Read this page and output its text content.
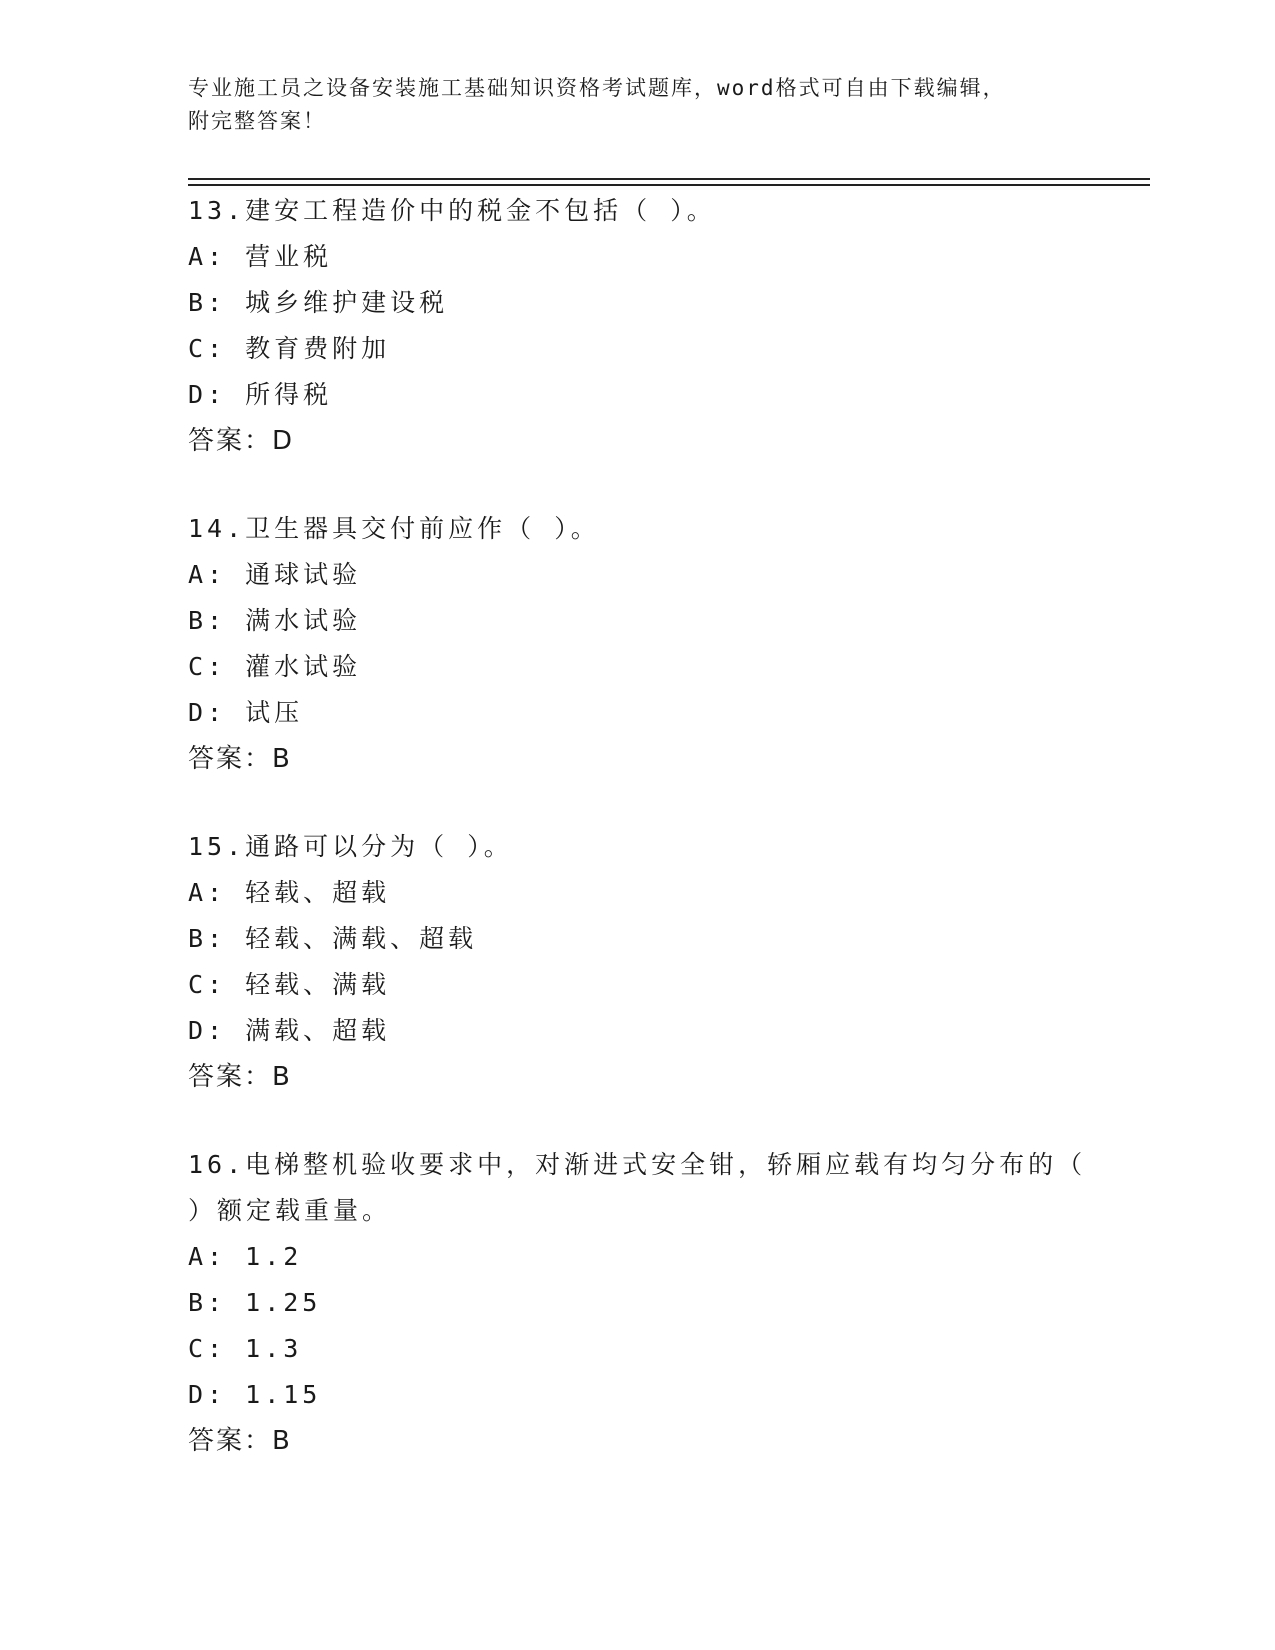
专业施工员之设备安装施工基础知识资格考试题库，word格式可自由下载编辑，
附完整答案！
13.建安工程造价中的税金不包括（ ）。
A: 营业税
B: 城乡维护建设税
C: 教育费附加
D: 所得税
答案：D
14.卫生器具交付前应作（ ）。
A: 通球试验
B: 满水试验
C: 灌水试验
D: 试压
答案：B
15.通路可以分为（ ）。
A: 轻载、超载
B: 轻载、满载、超载
C: 轻载、满载
D: 满载、超载
答案：B
16.电梯整机验收要求中，对渐进式安全钳，轿厢应载有均匀分布的（
）额定载重量。
A: 1.2
B: 1.25
C: 1.3
D: 1.15
答案：B
